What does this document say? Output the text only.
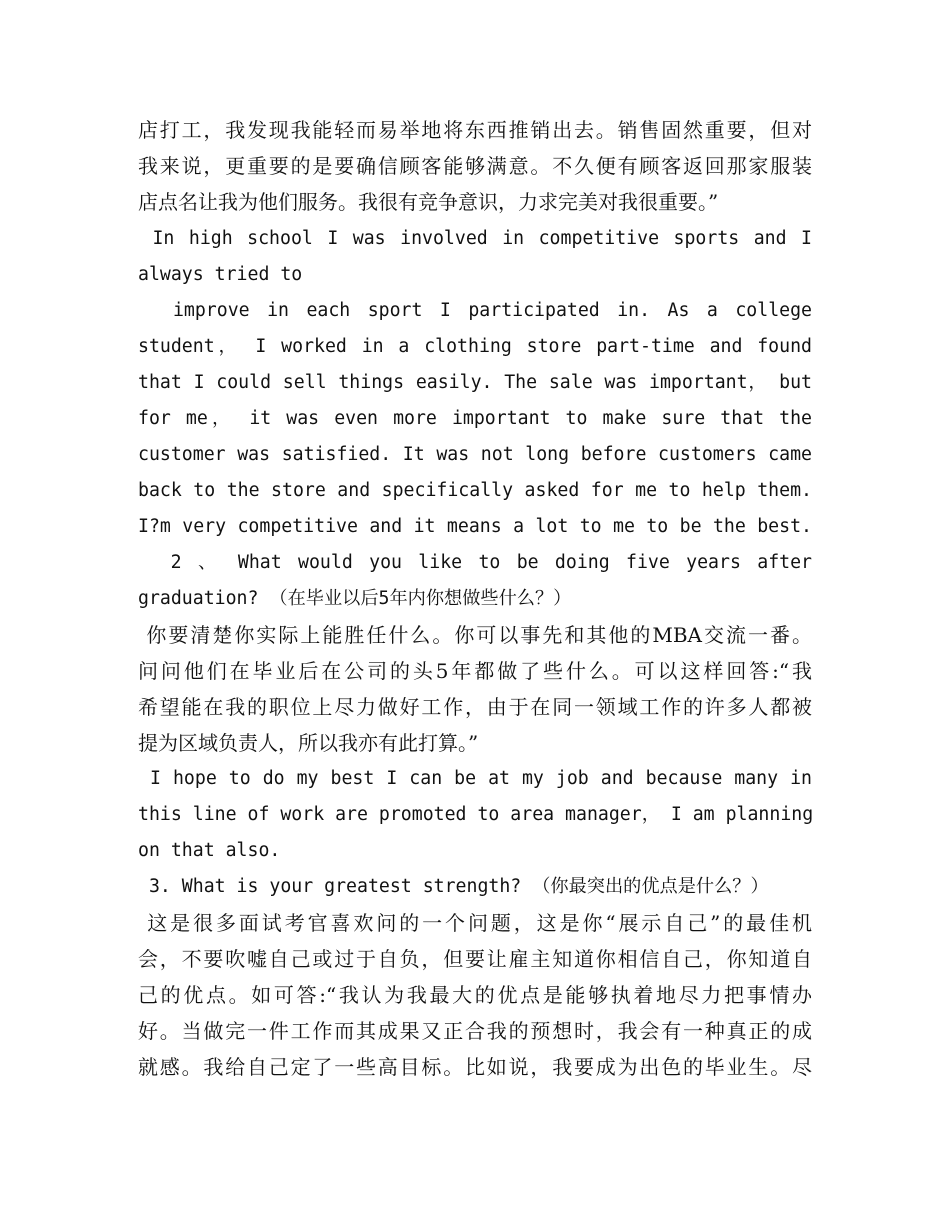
店打工，我发现我能轻而易举地将东西推销出去。销售固然重要，但对
我来说，更重要的是要确信顾客能够满意。不久便有顾客返回那家服装
店点名让我为他们服务。我很有竞争意识，力求完美对我很重要。”
In high school I was involved in competitive sports and I
always tried to
improve in each sport I participated in. As a college
student， I worked in a clothing store part-time and found
that I could sell things easily. The sale was important， but
for me， it was even more important to make sure that the
customer was satisfied. It was not long before customers came
back to the store and specifically asked for me to help them.
I?m very competitive and it means a lot to me to be the best.
2 、 What would you like to be doing five years after
graduation? （在毕业以后5年内你想做些什么？）
你要清楚你实际上能胜任什么。你可以事先和其他的MBA交流一番。
问问他们在毕业后在公司的头5年都做了些什么。可以这样回答:“我
希望能在我的职位上尽力做好工作，由于在同一领域工作的许多人都被
提为区域负责人，所以我亦有此打算。”
I hope to do my best I can be at my job and because many in
this line of work are promoted to area manager， I am planning
on that also.
3. What is your greatest strength? （你最突出的优点是什么？）
这是很多面试考官喜欢问的一个问题，这是你“展示自己”的最佳机
会，不要吹嘘自己或过于自负，但要让雇主知道你相信自己，你知道自
己的优点。如可答:“我认为我最大的优点是能够执着地尽力把事情办
好。当做完一件工作而其成果又正合我的预想时，我会有一种真正的成
就感。我给自己定了一些高目标。比如说，我要成为出色的毕业生。尽
